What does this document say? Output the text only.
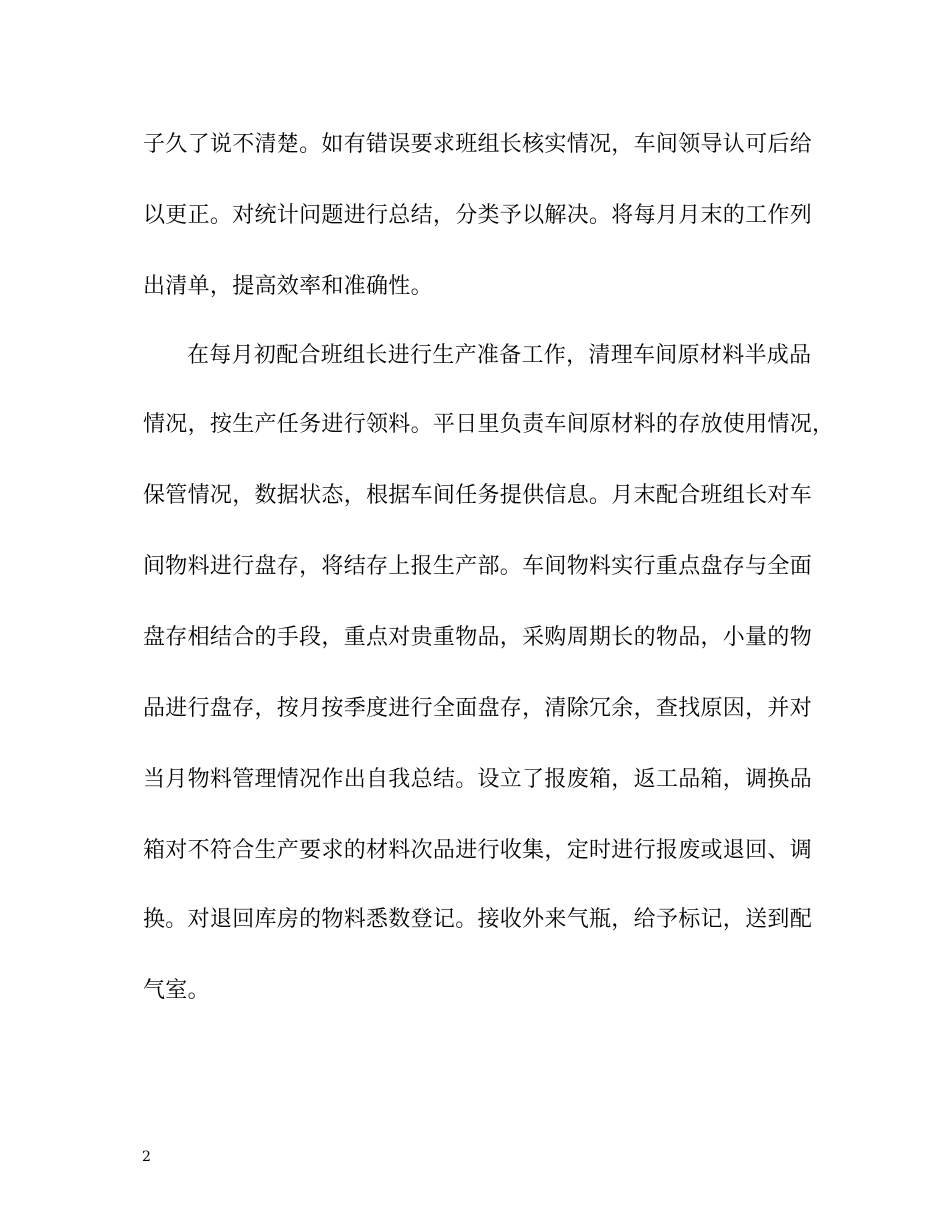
子久了说不清楚。如有错误要求班组长核实情况，车间领导认可后给
以更正。对统计问题进行总结，分类予以解决。将每月月末的工作列
出清单，提高效率和准确性。
在每月初配合班组长进行生产准备工作，清理车间原材料半成品
情况，按生产任务进行领料。平日里负责车间原材料的存放使用情况，
保管情况，数据状态，根据车间任务提供信息。月末配合班组长对车
间物料进行盘存，将结存上报生产部。车间物料实行重点盘存与全面
盘存相结合的手段，重点对贵重物品，采购周期长的物品，小量的物
品进行盘存，按月按季度进行全面盘存，清除冗余，查找原因，并对
当月物料管理情况作出自我总结。设立了报废箱，返工品箱，调换品
箱对不符合生产要求的材料次品进行收集，定时进行报废或退回、调
换。对退回库房的物料悉数登记。接收外来气瓶，给予标记，送到配
气室。
2
